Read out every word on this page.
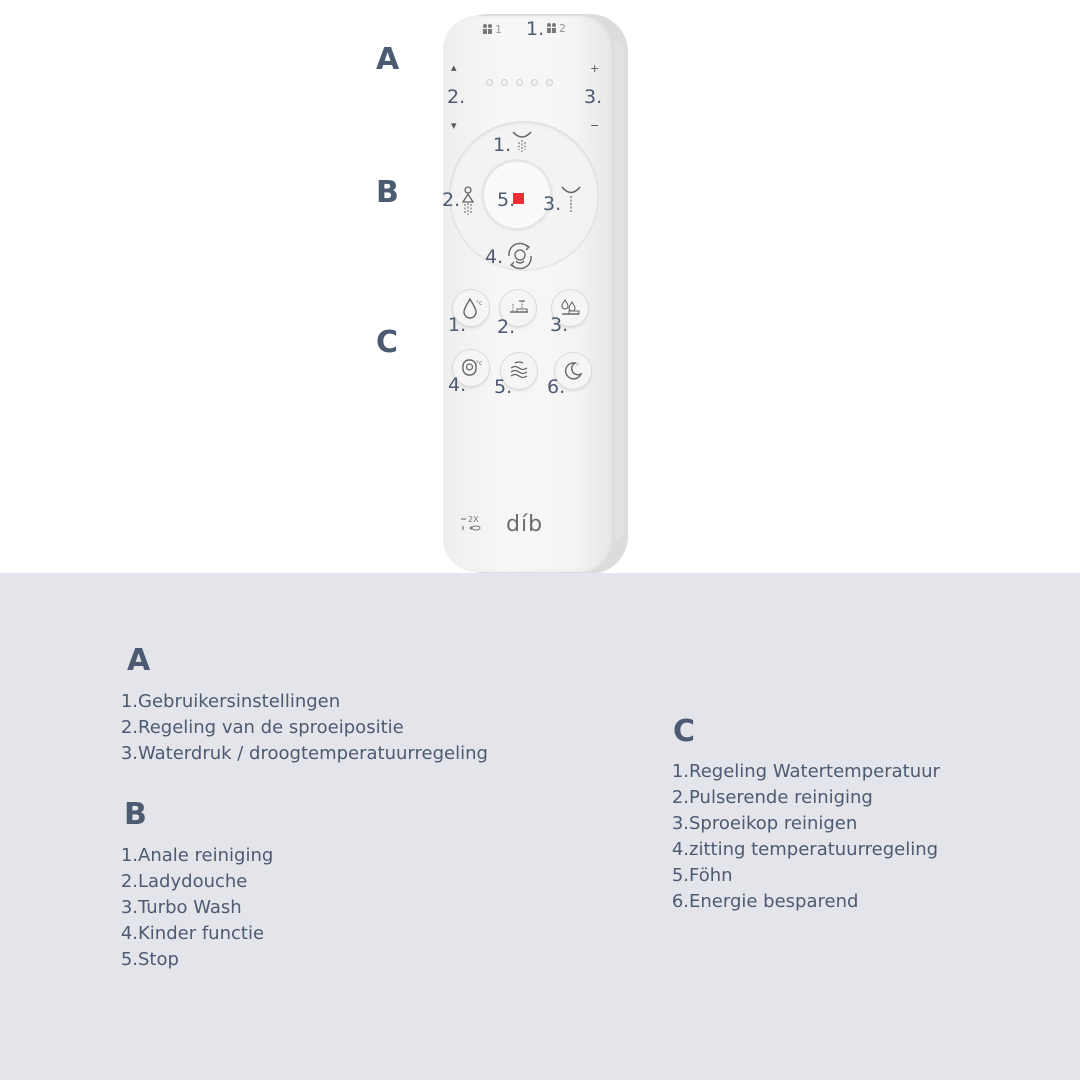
A
B
C
1	2
1.
▴
▾
+
−
2.	3.
5.
1.
2.	3.
4.
°c
1. 2. 3.
°c	°
4. 5. 6.
2X díb
A
1.Gebruikersinstellingen
2.Regeling van de sproeipositie
3.Waterdruk / droogtemperatuurregeling
B
1.Anale reiniging
2.Ladydouche
3.Turbo Wash
4.Kinder functie
5.Stop
C
1.Regeling Watertemperatuur
2.Pulserende reiniging
3.Sproeikop reinigen
4.zitting temperatuurregeling
5.Föhn
6.Energie besparend
